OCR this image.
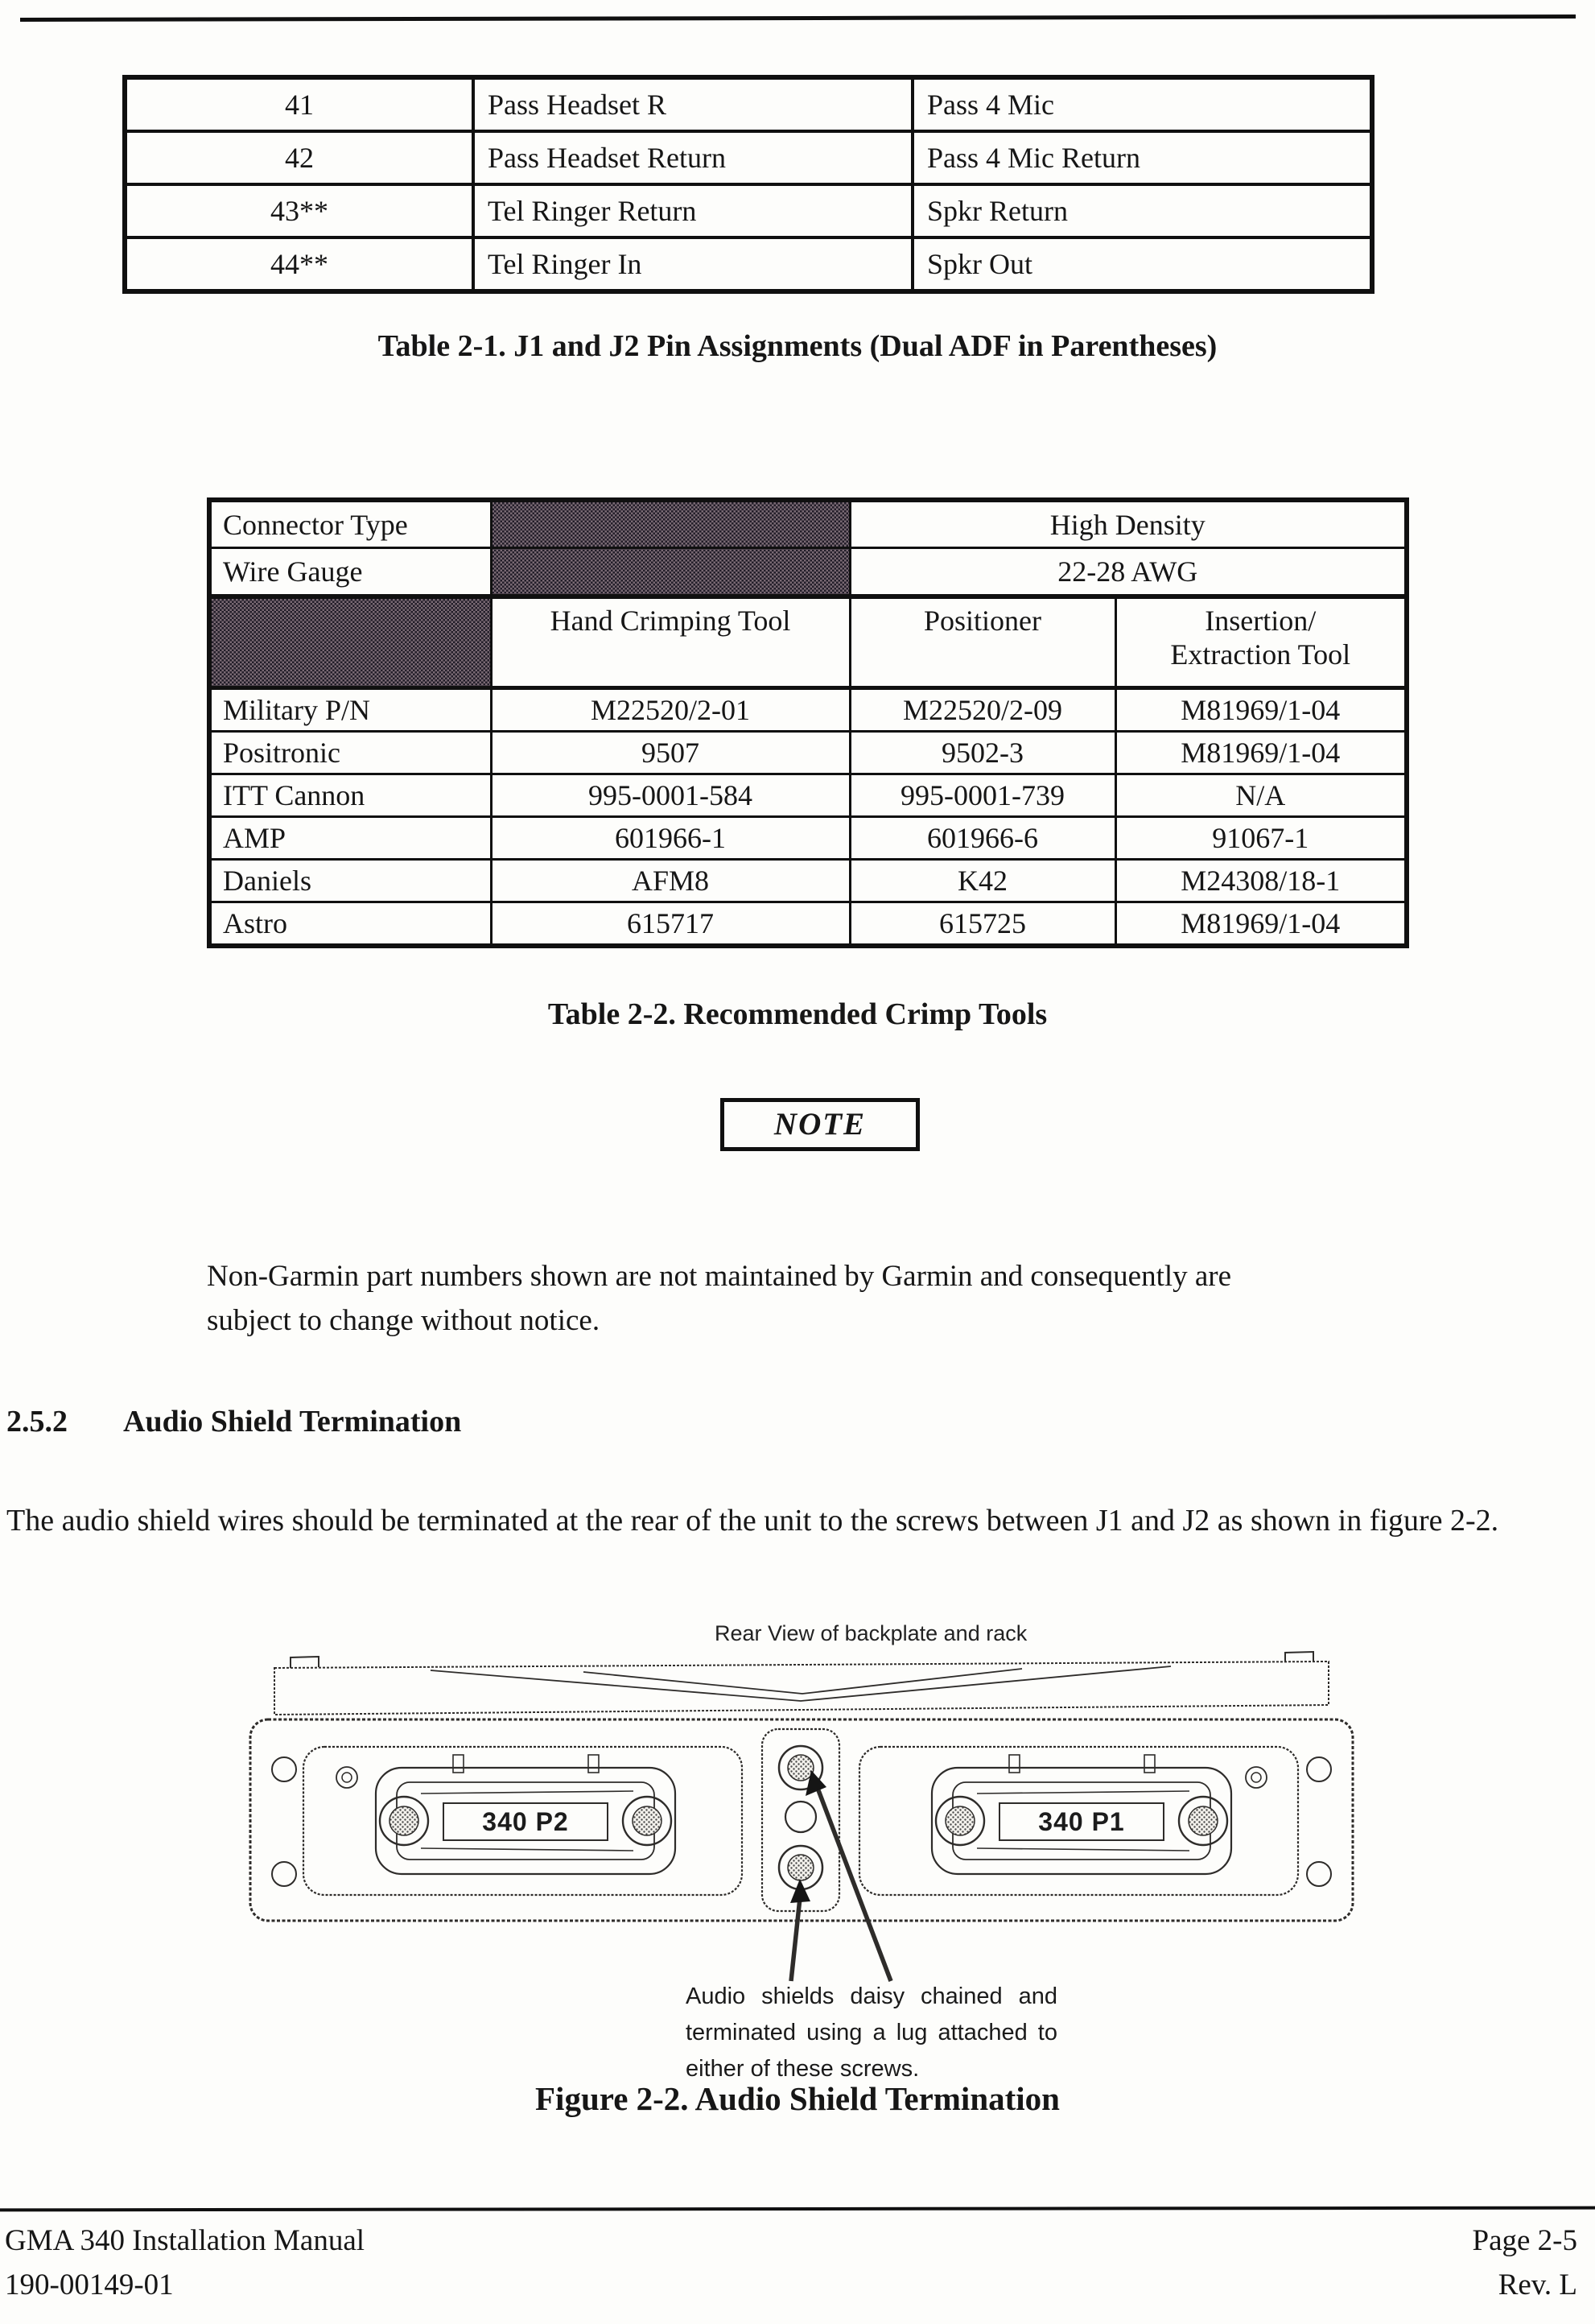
41	Pass Headset R	Pass 4 Mic
42	Pass Headset Return	Pass 4 Mic Return
43**	Tel Ringer Return	Spkr Return
44**	Tel Ringer In	Spkr Out
Table 2-1. J1 and J2 Pin Assignments (Dual ADF in Parentheses)
Connector Type		High Density	
Wire Gauge		22-28 AWG	
	Hand Crimping Tool	Positioner	Insertion/
Extraction Tool

Military P/N	M22520/2-01	M22520/2-09	M81969/1-04
Positronic	9507	9502-3	M81969/1-04
ITT Cannon	995-0001-584	995-0001-739	N/A
AMP	601966-1	601966-6	91067-1
Daniels	AFM8	K42	M24308/18-1
Astro	615717	615725	M81969/1-04
Table 2-2. Recommended Crimp Tools
NOTE
Non-Garmin part numbers shown are not maintained by Garmin and consequently are subject to change without notice.
2.5.2 Audio Shield Termination
The audio shield wires should be terminated at the rear of the unit to the screws between J1 and J2 as shown in figure 2-2.
Rear View of backplate and rack
340 P2	340 P1
Audio shields daisy chained and terminated using a lug attached to either of these screws.
Figure 2-2. Audio Shield Termination
GMA 340 Installation Manual
190-00149-01
Page 2-5
Rev. L
